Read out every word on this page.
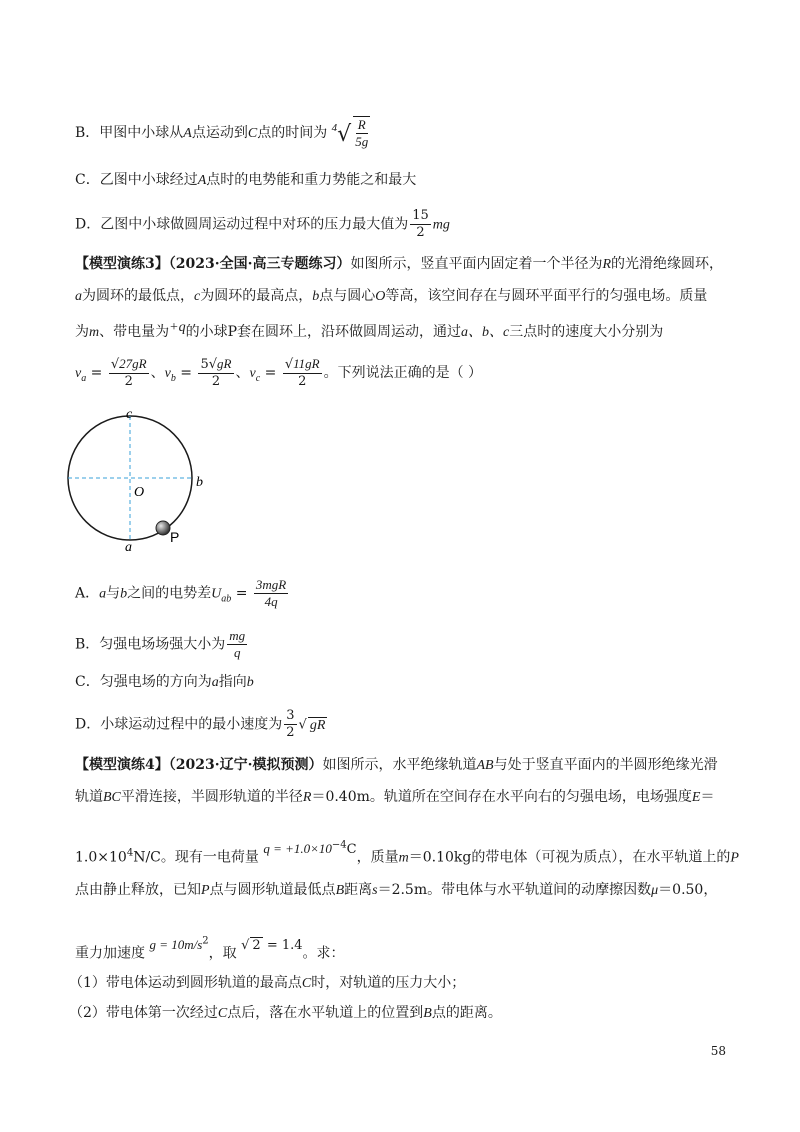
B．甲图中小球从A点运动到C点的时间为 $^4√ \frac{R}{5g}$
C．乙图中小球经过A点时的电势能和重力势能之和最大
D．乙图中小球做圆周运动过程中对环的压力最大值为 $\frac{15}{2}$ mg
【模型演练3】（2023·全国·高三专题练习）如图所示，竖直平面内固定着一个半径为R的光滑绝缘圆环，
a为圆环的最低点，c为圆环的最高点，b点与圆心O等高，该空间存在与圆环平面平行的匀强电场。质量
为m、带电量为+q的小球P套在圆环上，沿环做圆周运动，通过a、b、c三点时的速度大小分别为
$v_a = \frac{√27gR}{2}$ 、$v_b = \frac{5√gR}{2}$ 、$v_c = \frac{√11gR}{2}$ 。下列说法正确的是（ ）
c
b
O
a
P
A．a与b之间的电势差$U_{ab} = \frac{\text{3mgR}}{4q}$
B．匀强电场场强大小为 $\frac{mg}{q}$
C．匀强电场的方向为a指向b
D．小球运动过程中的最小速度为 $\frac{3}{2}$ √ gR
【模型演练4】（2023·辽宁·模拟预测）如图所示，水平绝缘轨道AB与处于竖直平面内的半圆形绝缘光滑
轨道BC平滑连接，半圆形轨道的半径R＝0.40m。轨道所在空间存在水平向右的匀强电场，电场强度E＝
$1.0\times 10^4N/C$。现有一电荷量 $q = +1.0\times 10^{-4}C$，质量m＝0.10kg的带电体（可视为质点），在水平轨道上的P
点由静止释放，已知P点与圆形轨道最低点B距离s＝2.5m。带电体与水平轨道间的动摩擦因数μ＝0.50，
重力加速度 $g = 10m/s^2$，取 √ 2 = 1.4。求：
（1）带电体运动到圆形轨道的最高点C时，对轨道的压力大小；
（2）带电体第一次经过C点后，落在水平轨道上的位置到B点的距离。
58
